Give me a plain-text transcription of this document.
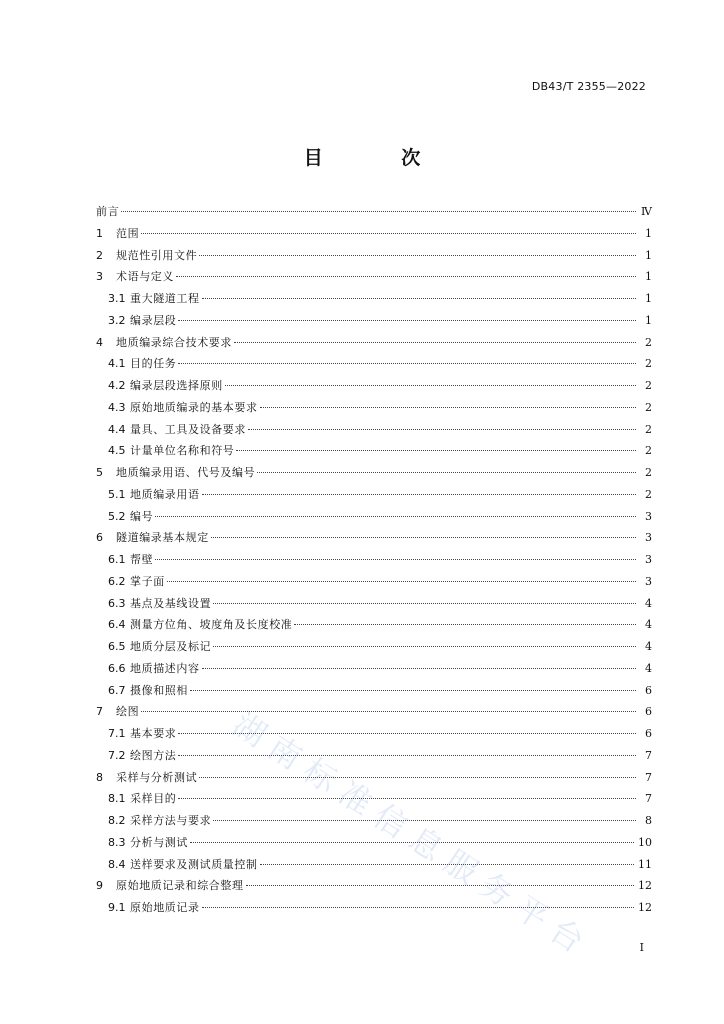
DB43/T 2355—2022
目 次
前言	Ⅳ
1	范围	1
2	规范性引用文件	1
3	术语与定义	1
3.1 重大隧道工程	1
3.2 编录层段	1
4	地质编录综合技术要求	2
4.1 目的任务	2
4.2 编录层段选择原则	2
4.3 原始地质编录的基本要求	2
4.4 量具、工具及设备要求	2
4.5 计量单位名称和符号	2
5	地质编录用语、代号及编号	2
5.1 地质编录用语	2
5.2 编号	3
6	隧道编录基本规定	3
6.1 帮壁	3
6.2 掌子面	3
6.3 基点及基线设置	4
6.4 测量方位角、坡度角及长度校准	4
6.5 地质分层及标记	4
6.6 地质描述内容	4
6.7 摄像和照相	6
7	绘图	6
7.1 基本要求	6
7.2 绘图方法	7
8	采样与分析测试	7
8.1 采样目的	7
8.2 采样方法与要求	8
8.3 分析与测试	10
8.4 送样要求及测试质量控制	11
9	原始地质记录和综合整理	12
9.1 原始地质记录	12
湖南标准信息服务平台	I
